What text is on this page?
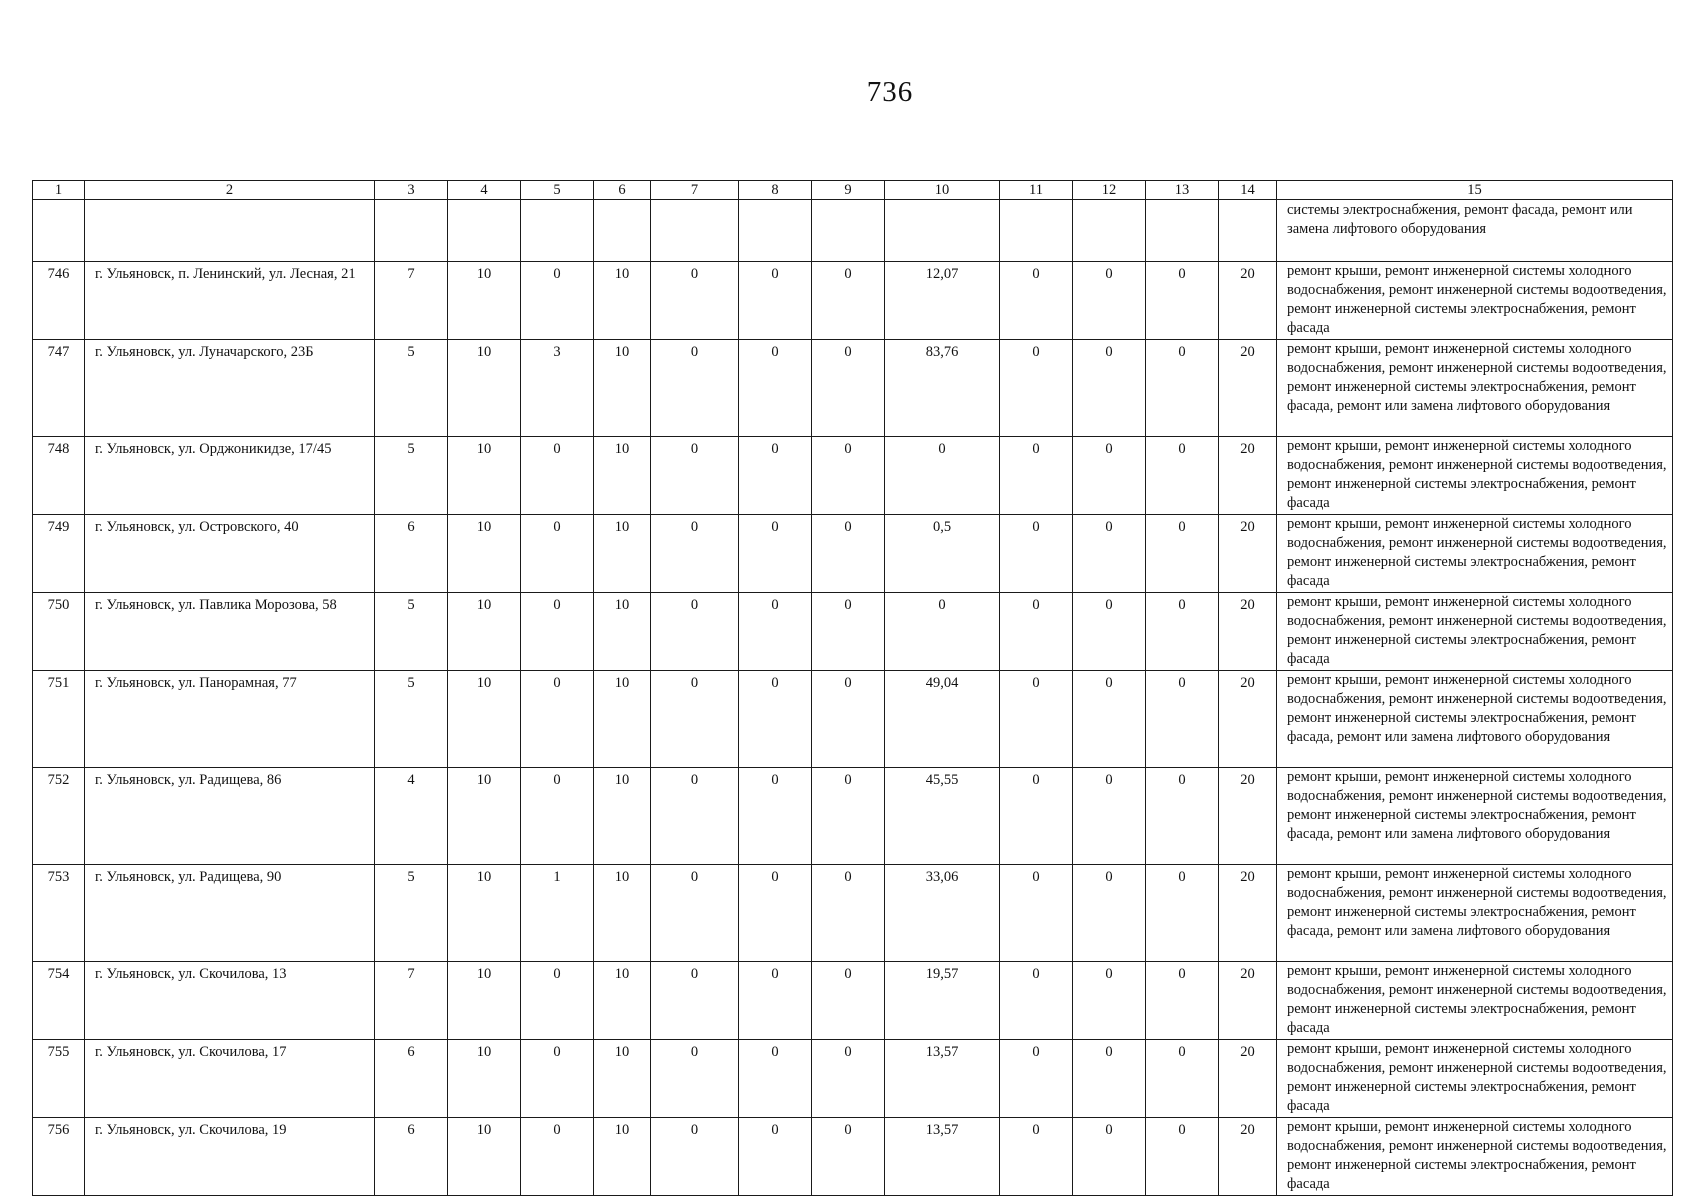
736
1	2	3	4	5	6	7	8	9	10	11	12	13	14	15
														системы электроснабжения, ремонт фасада, ремонт или замена лифтового оборудования
746	г. Ульяновск, п. Ленинский, ул. Лесная, 21	7	10	0	10	0	0	0	12,07	0	0	0	20	ремонт крыши, ремонт инженерной системы холодного водоснабжения, ремонт инженерной системы водоотведения, ремонт инженерной системы электроснабжения, ремонт фасада
747	г. Ульяновск, ул. Луначарского, 23Б	5	10	3	10	0	0	0	83,76	0	0	0	20	ремонт крыши, ремонт инженерной системы холодного водоснабжения, ремонт инженерной системы водоотведения, ремонт инженерной системы электроснабжения, ремонт фасада, ремонт или замена лифтового оборудования
748	г. Ульяновск, ул. Орджоникидзе, 17/45	5	10	0	10	0	0	0	0	0	0	0	20	ремонт крыши, ремонт инженерной системы холодного водоснабжения, ремонт инженерной системы водоотведения, ремонт инженерной системы электроснабжения, ремонт фасада
749	г. Ульяновск, ул. Островского, 40	6	10	0	10	0	0	0	0,5	0	0	0	20	ремонт крыши, ремонт инженерной системы холодного водоснабжения, ремонт инженерной системы водоотведения, ремонт инженерной системы электроснабжения, ремонт фасада
750	г. Ульяновск, ул. Павлика Морозова, 58	5	10	0	10	0	0	0	0	0	0	0	20	ремонт крыши, ремонт инженерной системы холодного водоснабжения, ремонт инженерной системы водоотведения, ремонт инженерной системы электроснабжения, ремонт фасада
751	г. Ульяновск, ул. Панорамная, 77	5	10	0	10	0	0	0	49,04	0	0	0	20	ремонт крыши, ремонт инженерной системы холодного водоснабжения, ремонт инженерной системы водоотведения, ремонт инженерной системы электроснабжения, ремонт фасада, ремонт или замена лифтового оборудования
752	г. Ульяновск, ул. Радищева, 86	4	10	0	10	0	0	0	45,55	0	0	0	20	ремонт крыши, ремонт инженерной системы холодного водоснабжения, ремонт инженерной системы водоотведения, ремонт инженерной системы электроснабжения, ремонт фасада, ремонт или замена лифтового оборудования
753	г. Ульяновск, ул. Радищева, 90	5	10	1	10	0	0	0	33,06	0	0	0	20	ремонт крыши, ремонт инженерной системы холодного водоснабжения, ремонт инженерной системы водоотведения, ремонт инженерной системы электроснабжения, ремонт фасада, ремонт или замена лифтового оборудования
754	г. Ульяновск, ул. Скочилова, 13	7	10	0	10	0	0	0	19,57	0	0	0	20	ремонт крыши, ремонт инженерной системы холодного водоснабжения, ремонт инженерной системы водоотведения, ремонт инженерной системы электроснабжения, ремонт фасада
755	г. Ульяновск, ул. Скочилова, 17	6	10	0	10	0	0	0	13,57	0	0	0	20	ремонт крыши, ремонт инженерной системы холодного водоснабжения, ремонт инженерной системы водоотведения, ремонт инженерной системы электроснабжения, ремонт фасада
756	г. Ульяновск, ул. Скочилова, 19	6	10	0	10	0	0	0	13,57	0	0	0	20	ремонт крыши, ремонт инженерной системы холодного водоснабжения, ремонт инженерной системы водоотведения, ремонт инженерной системы электроснабжения, ремонт фасада
